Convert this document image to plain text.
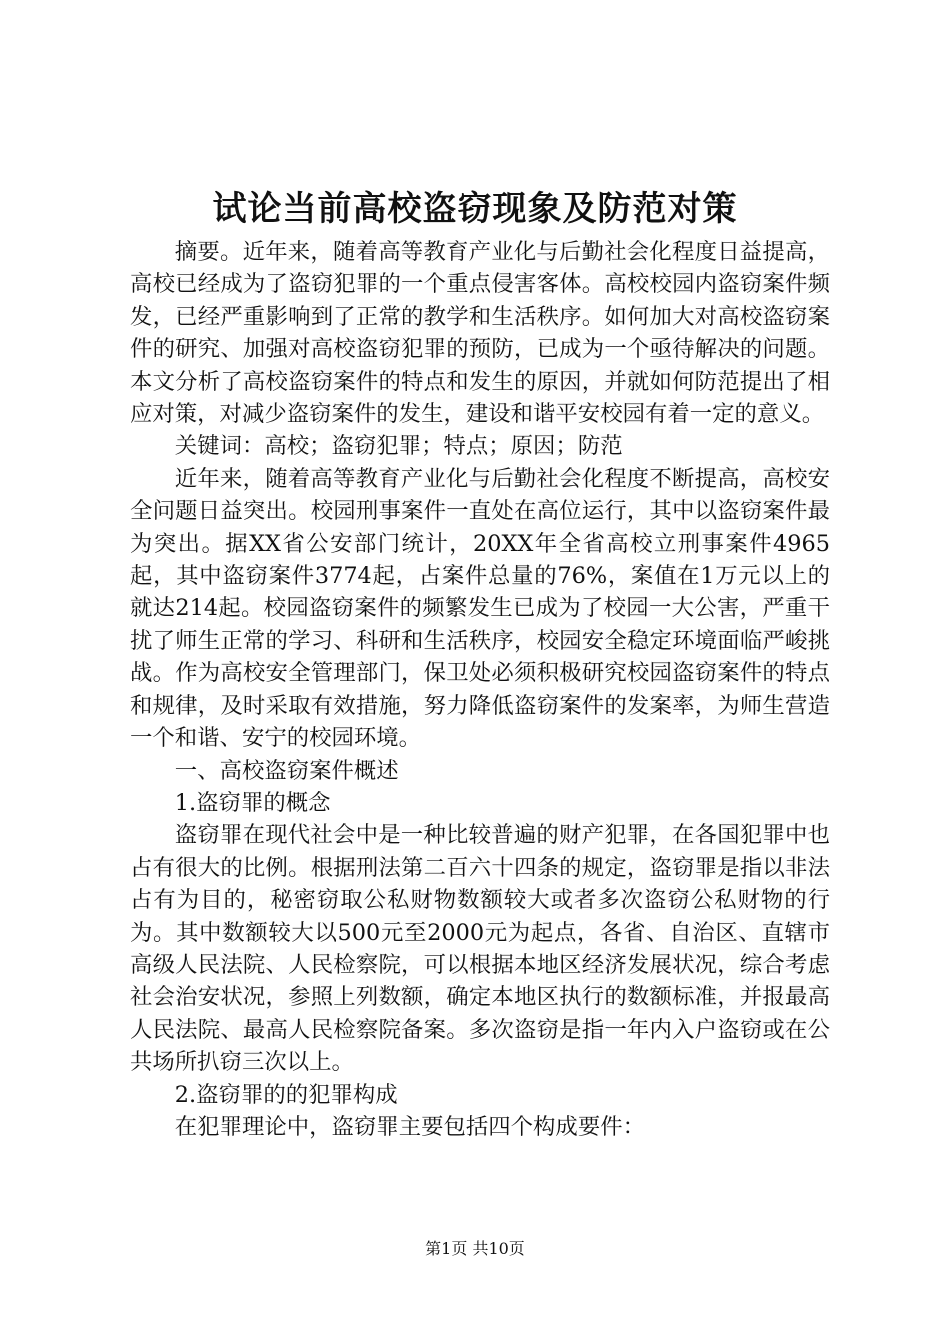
试论当前高校盗窃现象及防范对策

摘要。近年来，随着高等教育产业化与后勤社会化程度日益提高，高校已经成为了盗窃犯罪的一个重点侵害客体。高校校园内盗窃案件频发，已经严重影响到了正常的教学和生活秩序。如何加大对高校盗窃案件的研究、加强对高校盗窃犯罪的预防，已成为一个亟待解决的问题。本文分析了高校盗窃案件的特点和发生的原因，并就如何防范提出了相应对策，对减少盗窃案件的发生，建设和谐平安校园有着一定的意义。

关键词：高校；盗窃犯罪；特点；原因；防范

近年来，随着高等教育产业化与后勤社会化程度不断提高，高校安全问题日益突出。校园刑事案件一直处在高位运行，其中以盗窃案件最为突出。据XX省公安部门统计，20XX年全省高校立刑事案件4965起，其中盗窃案件3774起，占案件总量的76%，案值在1万元以上的就达214起。校园盗窃案件的频繁发生已成为了校园一大公害，严重干扰了师生正常的学习、科研和生活秩序，校园安全稳定环境面临严峻挑战。作为高校安全管理部门，保卫处必须积极研究校园盗窃案件的特点和规律，及时采取有效措施，努力降低盗窃案件的发案率，为师生营造一个和谐、安宁的校园环境。

一、高校盗窃案件概述

1.盗窃罪的概念

盗窃罪在现代社会中是一种比较普遍的财产犯罪，在各国犯罪中也占有很大的比例。根据刑法第二百六十四条的规定，盗窃罪是指以非法占有为目的，秘密窃取公私财物数额较大或者多次盗窃公私财物的行为。其中数额较大以500元至2000元为起点，各省、自治区、直辖市高级人民法院、人民检察院，可以根据本地区经济发展状况，综合考虑社会治安状况，参照上列数额，确定本地区执行的数额标准，并报最高人民法院、最高人民检察院备案。多次盗窃是指一年内入户盗窃或在公共场所扒窃三次以上。

2.盗窃罪的的犯罪构成

在犯罪理论中，盗窃罪主要包括四个构成要件：

第1页 共10页
